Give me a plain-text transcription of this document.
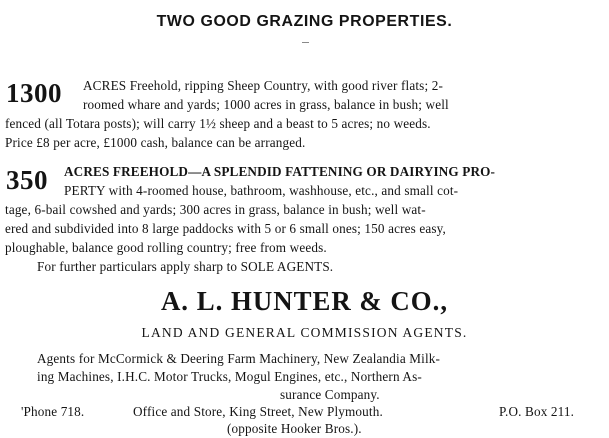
TWO GOOD GRAZING PROPERTIES.
1300 ACRES Freehold, ripping Sheep Country, with good river flats; 2-
roomed whare and yards; 1000 acres in grass, balance in bush; well
fenced (all Totara posts); will carry 1½ sheep and a beast to 5 acres; no weeds.
Price £8 per acre, £1000 cash, balance can be arranged.
350 ACRES FREEHOLD—A SPLENDID FATTENING OR DAIRYING PRO-
PERTY with 4-roomed house, bathroom, washhouse, etc., and small cot-
tage, 6-bail cowshed and yards; 300 acres in grass, balance in bush; well wat-
ered and subdivided into 8 large paddocks with 5 or 6 small ones; 150 acres easy,
ploughable, balance good rolling country; free from weeds.
For further particulars apply sharp to SOLE AGENTS.
A. L. HUNTER & CO.,
LAND AND GENERAL COMMISSION AGENTS.
Agents for McCormick & Deering Farm Machinery, New Zealandia Milk-
ing Machines, I.H.C. Motor Trucks, Mogul Engines, etc., Northern As-
surance Company.
'Phone 718.	Office and Store, King Street, New Plymouth.	P.O. Box 211.
(opposite Hooker Bros.).
